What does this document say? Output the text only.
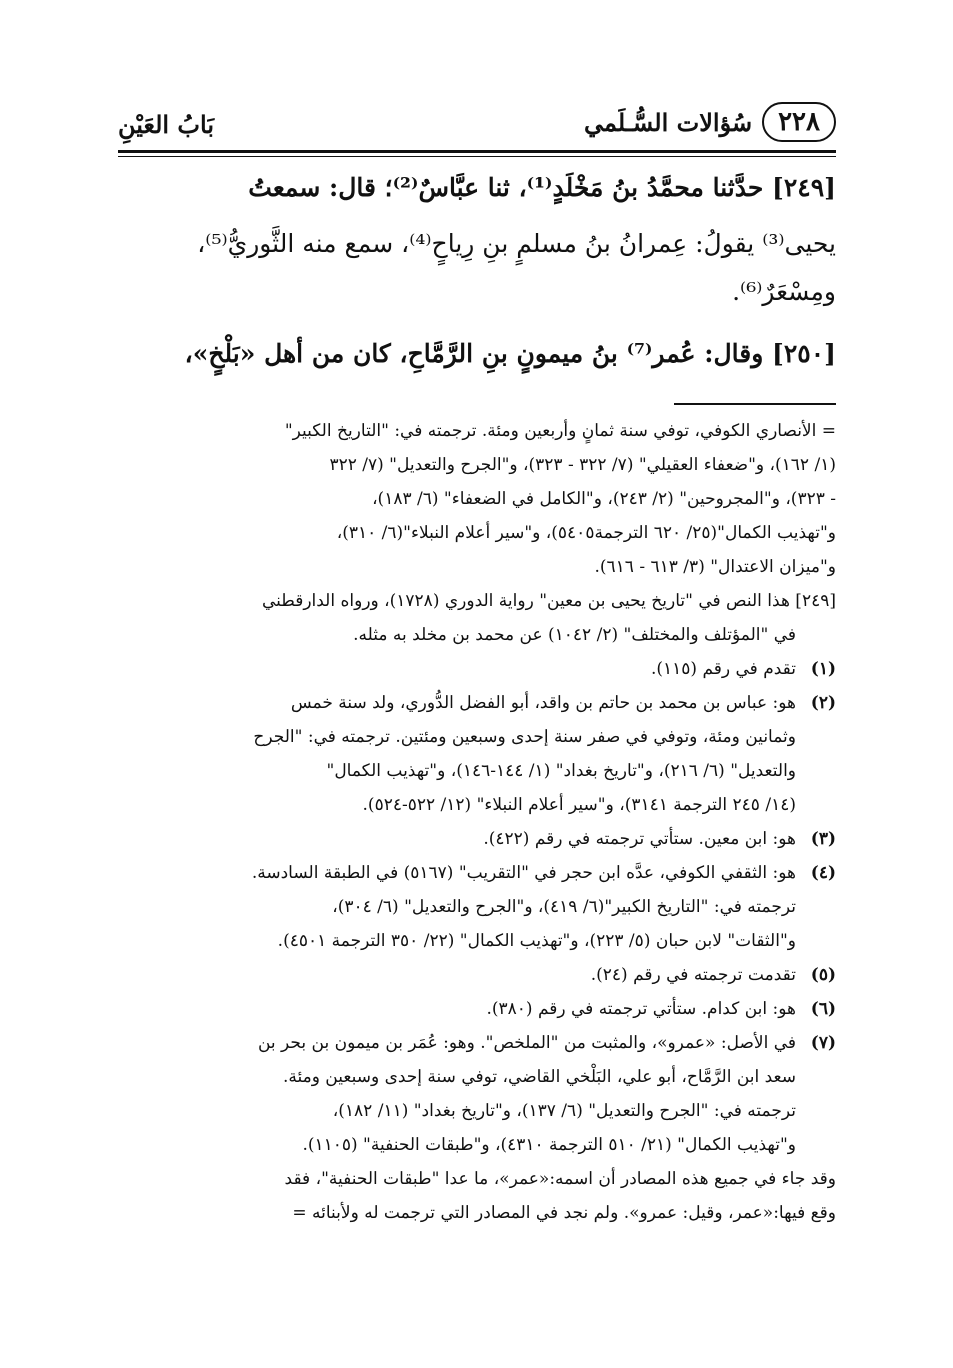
٢٢٨
سُؤالات السُّـلَمي
بَابُ العَيْنِ

[٢٤٩] حدَّثنا محمَّدُ بنُ مَخْلَدٍ⁽¹⁾، ثنا عبَّاسٌ⁽²⁾؛ قال: سمعتُ

يحيى⁽³⁾ يقولُ: عِمرانُ بنُ مسلمٍ بنِ رِياحٍ⁽⁴⁾، سمع منه الثَّوريُّ⁽⁵⁾،

ومِسْعَرٌ⁽⁶⁾.

[٢٥٠] وقال: عُمر⁽⁷⁾ بنُ ميمونٍ بنِ الرَّمَّاحِ، كان من أهل «بَلْخٍ»،

= الأنصاري الكوفي، توفي سنة ثمانٍ وأربعين ومئة. ترجمته في: "التاريخ الكبير"

(١/ ١٦٢)، و"ضعفاء العقيلي" (٧/ ٣٢٢ - ٣٢٣)، و"الجرح والتعديل" (٧/ ٣٢٢

- ٣٢٣)، و"المجروحين" (٢/ ٢٤٣)، و"الكامل في الضعفاء" (٦/ ١٨٣)،

و"تهذيب الكمال"(٢٥/ ٦٢٠ الترجمة٥٤٠٥)، و"سير أعلام النبلاء"(٦/ ٣١٠)،

و"ميزان الاعتدال" (٣/ ٦١٣ - ٦١٦).

[٢٤٩] هذا النص في "تاريخ يحيى بن معين" رواية الدوري (١٧٢٨)، ورواه الدارقطني

في "المؤتلف والمختلف" (٢/ ١٠٤٢) عن محمد بن مخلد به مثله.

(١)

تقدم في رقم (١١٥).

(٢)

هو: عباس بن محمد بن حاتم بن واقد، أبو الفضل الدُّوري، ولد سنة خمس

وثمانين ومئة، وتوفي في صفر سنة إحدى وسبعين ومئتين. ترجمته في: "الجرح

والتعديل" (٦/ ٢١٦)، و"تاريخ بغداد" (١/ ١٤٤-١٤٦)، و"تهذيب الكمال"

(١٤/ ٢٤٥ الترجمة ٣١٤١)، و"سير أعلام النبلاء" (١٢/ ٥٢٢-٥٢٤).

(٣)

هو: ابن معين. ستأتي ترجمته في رقم (٤٢٢).

(٤)

هو: الثقفي الكوفي، عدَّه ابن حجر في "التقريب" (٥١٦٧) في الطبقة السادسة.

ترجمته في: "التاريخ الكبير"(٦/ ٤١٩)، و"الجرح والتعديل" (٦/ ٣٠٤)،

و"الثقات" لابن حبان (٥/ ٢٢٣)، و"تهذيب الكمال" (٢٢/ ٣٥٠ الترجمة ٤٥٠١).

(٥)

تقدمت ترجمته في رقم (٢٤).

(٦)

هو: ابن كدام. ستأتي ترجمته في رقم (٣٨٠).

(٧)

في الأصل: «عمرو»، والمثبت من "الملخص". وهو: عُمَر بن ميمون بن بحر بن

سعد ابن الرَّمَّاح، أبو علي، البَلْخي القاضي، توفي سنة إحدى وسبعين ومئة.

ترجمته في: "الجرح والتعديل" (٦/ ١٣٧)، و"تاريخ بغداد" (١١/ ١٨٢)،

و"تهذيب الكمال" (٢١/ ٥١٠ الترجمة ٤٣١٠)، و"طبقات الحنفية" (١١٠٥).

وقد جاء في جميع هذه المصادر أن اسمه:«عمر»، ما عدا "طبقات الحنفية"، فقد

وقع فيها:«عمر، وقيل: عمرو». ولم نجد في المصادر التي ترجمت له ولأبنائه =
